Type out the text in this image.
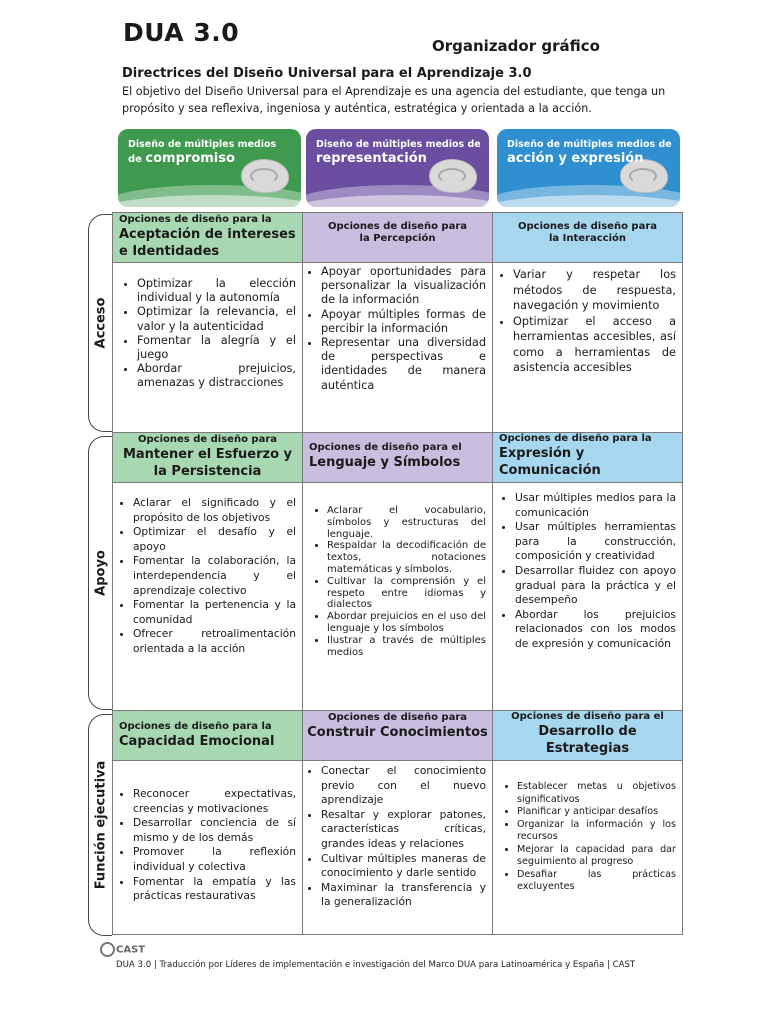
DUA 3.0	Organizador gráfico
Directrices del Diseño Universal para el Aprendizaje 3.0
El objetivo del Diseño Universal para el Aprendizaje es una agencia del estudiante, que tenga un propósito y sea reflexiva, ingeniosa y auténtica, estratégica y orientada a la acción.
Diseño de múltiples medios
de compromiso
Diseño de múltiples medios de
representación
Diseño de múltiples medios de
acción y expresión
Acceso
Apoyo
Función ejecutiva
Opciones de diseño para la
Aceptación de intereses e Identidades
Opciones de diseño para la Percepción
Opciones de diseño para la Interacción
• Optimizar la elección individual y la autonomía
• Optimizar la relevancia, el valor y la autenticidad
• Fomentar la alegría y el juego
• Abordar prejuicios, amenazas y distracciones
• Apoyar oportunidades para personalizar la visualización de la información
• Apoyar múltiples formas de percibir la información
• Representar una diversidad de perspectivas e identidades de manera auténtica
• Variar y respetar los métodos de respuesta, navegación y movimiento
• Optimizar el acceso a herramientas accesibles, así como a herramientas de asistencia accesibles
Opciones de diseño para
Mantener el Esfuerzo y la Persistencia
Opciones de diseño para el
Lenguaje y Símbolos
Opciones de diseño para la
Expresión y Comunicación
• Aclarar el significado y el propósito de los objetivos
• Optimizar el desafío y el apoyo
• Fomentar la colaboración, la interdependencia y el aprendizaje colectivo
• Fomentar la pertenencia y la comunidad
• Ofrecer retroalimentación orientada a la acción
• Aclarar el vocabulario, símbolos y estructuras del lenguaje.
• Respaldar la decodificación de textos, notaciones matemáticas y símbolos.
• Cultivar la comprensión y el respeto entre idiomas y dialectos
• Abordar prejuicios en el uso del lenguaje y los símbolos
• Ilustrar a través de múltiples medios
• Usar múltiples medios para la comunicación
• Usar múltiples herramientas para la construcción, composición y creatividad
• Desarrollar fluidez con apoyo gradual para la práctica y el desempeño
• Abordar los prejuicios relacionados con los modos de expresión y comunicación
Opciones de diseño para la
Capacidad Emocional
Opciones de diseño para
Construir Conocimientos
Opciones de diseño para el
Desarrollo de Estrategias
• Reconocer expectativas, creencias y motivaciones
• Desarrollar conciencia de sí mismo y de los demás
• Promover la reflexión individual y colectiva
• Fomentar la empatía y las prácticas restaurativas
• Conectar el conocimiento previo con el nuevo aprendizaje
• Resaltar y explorar patones, características críticas, grandes ideas y relaciones
• Cultivar múltiples maneras de conocimiento y darle sentido
• Maximinar la transferencia y la generalización
• Establecer metas u objetivos significativos
• Planificar y anticipar desafíos
• Organizar la información y los recursos
• Mejorar la capacidad para dar seguimiento al progreso
• Desafiar las prácticas excluyentes
CAST
DUA 3.0 | Traducción por Líderes de implementación e investigación del Marco DUA para Latinoamérica y España | CAST
